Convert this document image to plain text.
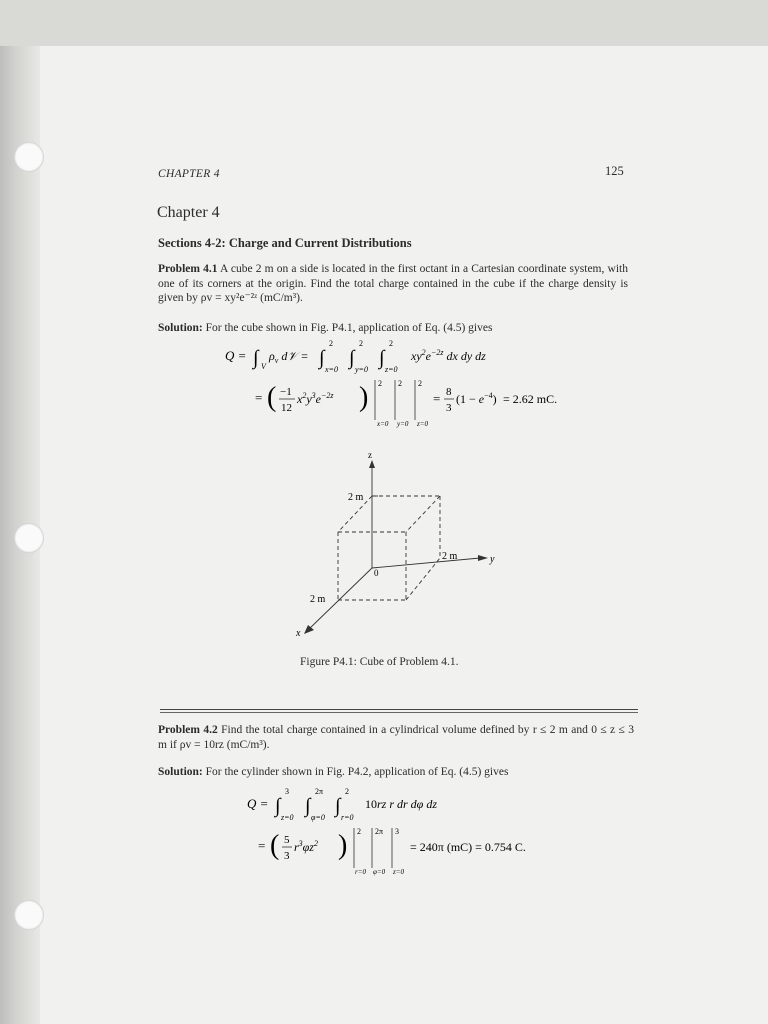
CHAPTER 4	125
Chapter 4
Sections 4-2: Charge and Current Distributions
Problem 4.1 A cube 2 m on a side is located in the first octant in a Cartesian coordinate system, with one of its corners at the origin. Find the total charge contained in the cube if the charge density is given by ρv = xy²e⁻²ᶻ (mC/m³).
Solution: For the cube shown in Fig. P4.1, application of Eq. (4.5) gives
Q = ∫ V
$\rho_v$ d𝒱 = ∫
2
x=0
∫
2
y=0
∫
2
z=0
$xy^2e^{-2z}$ dx dy dz
= ( −1
12
$x^2y^3e^{-2z}$ ) 2
x=0
2
y=0
2
z=0
= 8
3
$(1 - e^{-4}) = 2.62$ mC.
z
y
x
0
2 m
2 m
2 m
Figure P4.1: Cube of Problem 4.1.
Problem 4.2 Find the total charge contained in a cylindrical volume defined by r ≤ 2 m and 0 ≤ z ≤ 3 m if ρv = 10rz (mC/m³).
Solution: For the cylinder shown in Fig. P4.2, application of Eq. (4.5) gives
Q = ∫
3
z=0
∫
2π
φ=0
∫
2
r=0
10rz r dr dφ dz
= ( 5
3
$r^3\varphi z^2$ ) 2
r=0
2π
φ=0
3
z=0
= 240π (mC) = 0.754 C.
